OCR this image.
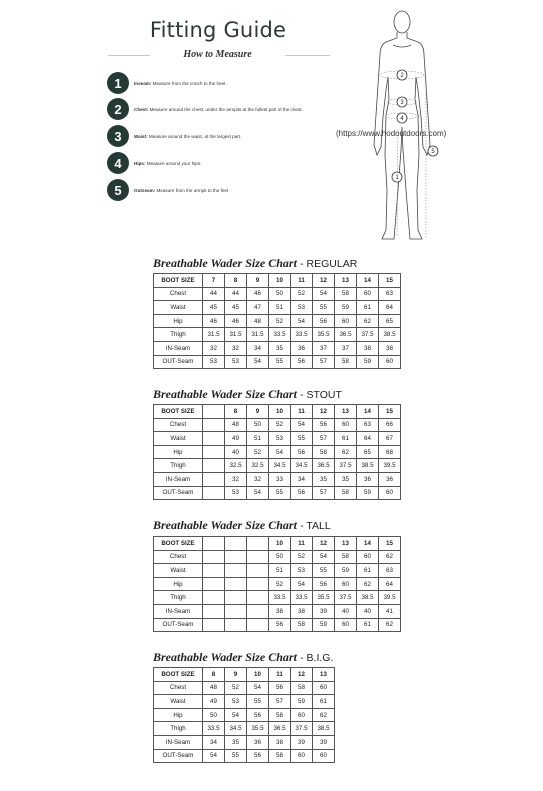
Fitting Guide
How to Measure
1	Inseam: Measure from the crotch to the heel.
2	Chest: Measure around the chest, under the armpits at the fullest part of the chest.
3	Waist: Measure around the waist, at the largest part.
4	Hips: Measure around your hips.
5	Outseam: Measure from the armpit to the feet
2
3
4
5
1
(https://www.hodoutdoors.com)
Breathable Wader Size Chart - REGULAR
Breathable Wader Size Chart - STOUT
Breathable Wader Size Chart - TALL
Breathable Wader Size Chart - B.I.G.
BOOT SIZE	7	8	9	10	11	12	13	14	15
Chest	44	44	46	50	52	54	58	60	63
Waist	45	45	47	51	53	55	59	61	64
Hip	46	46	48	52	54	56	60	62	65
Thigh	31.5	31.5	31.5	33.5	33.5	35.5	36.5	37.5	38.5
IN-Seam	32	32	34	35	36	37	37	38	38
OUT-Seam	53	53	54	55	56	57	58	59	60
BOOT SIZE		8	9	10	11	12	13	14	15
Chest		48	50	52	54	56	60	63	66
Waist		49	51	53	55	57	61	64	67
Hip		40	52	54	56	58	62	65	68
Thigh		32.5	32.5	34.5	34.5	36.5	37.5	38.5	39.5
IN-Seam		32	32	33	34	35	35	36	36
OUT-Seam		53	54	55	56	57	58	59	60
BOOT SIZE				10	11	12	13	14	15
Chest				50	52	54	58	60	62
Waist				51	53	55	59	61	63
Hip				52	54	56	60	62	64
Thigh				33.5	33.5	35.5	37.5	38.5	39.5
IN-Seam				38	38	39	40	40	41
OUT-Seam				56	58	59	60	61	62
BOOT SIZE	8	9	10	11	12	13
Chest	48	52	54	56	58	60
Waist	49	53	55	57	59	61
Hip	50	54	56	58	60	62
Thigh	33.5	34.5	35.5	36.5	37.5	38.5
IN-Seam	34	35	36	38	39	39
OUT-Seam	54	55	56	58	60	60
